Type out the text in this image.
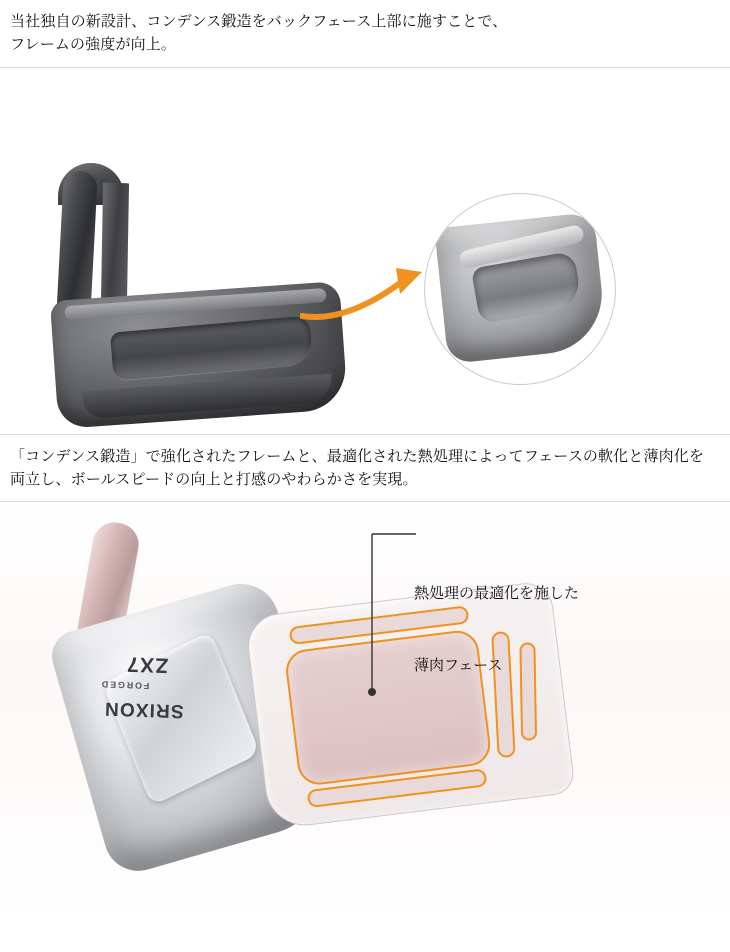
当社独自の新設計、コンデンス鍛造をバックフェース上部に施すことで、
フレームの強度が向上。
「コンデンス鍛造」で強化されたフレームと、最適化された熱処理によってフェースの軟化と薄肉化を
両立し、ボールスピードの向上と打感のやわらかさを実現。
ZX7
FORGED
SRIXON

熱処理の最適化を施した

薄肉フェース
